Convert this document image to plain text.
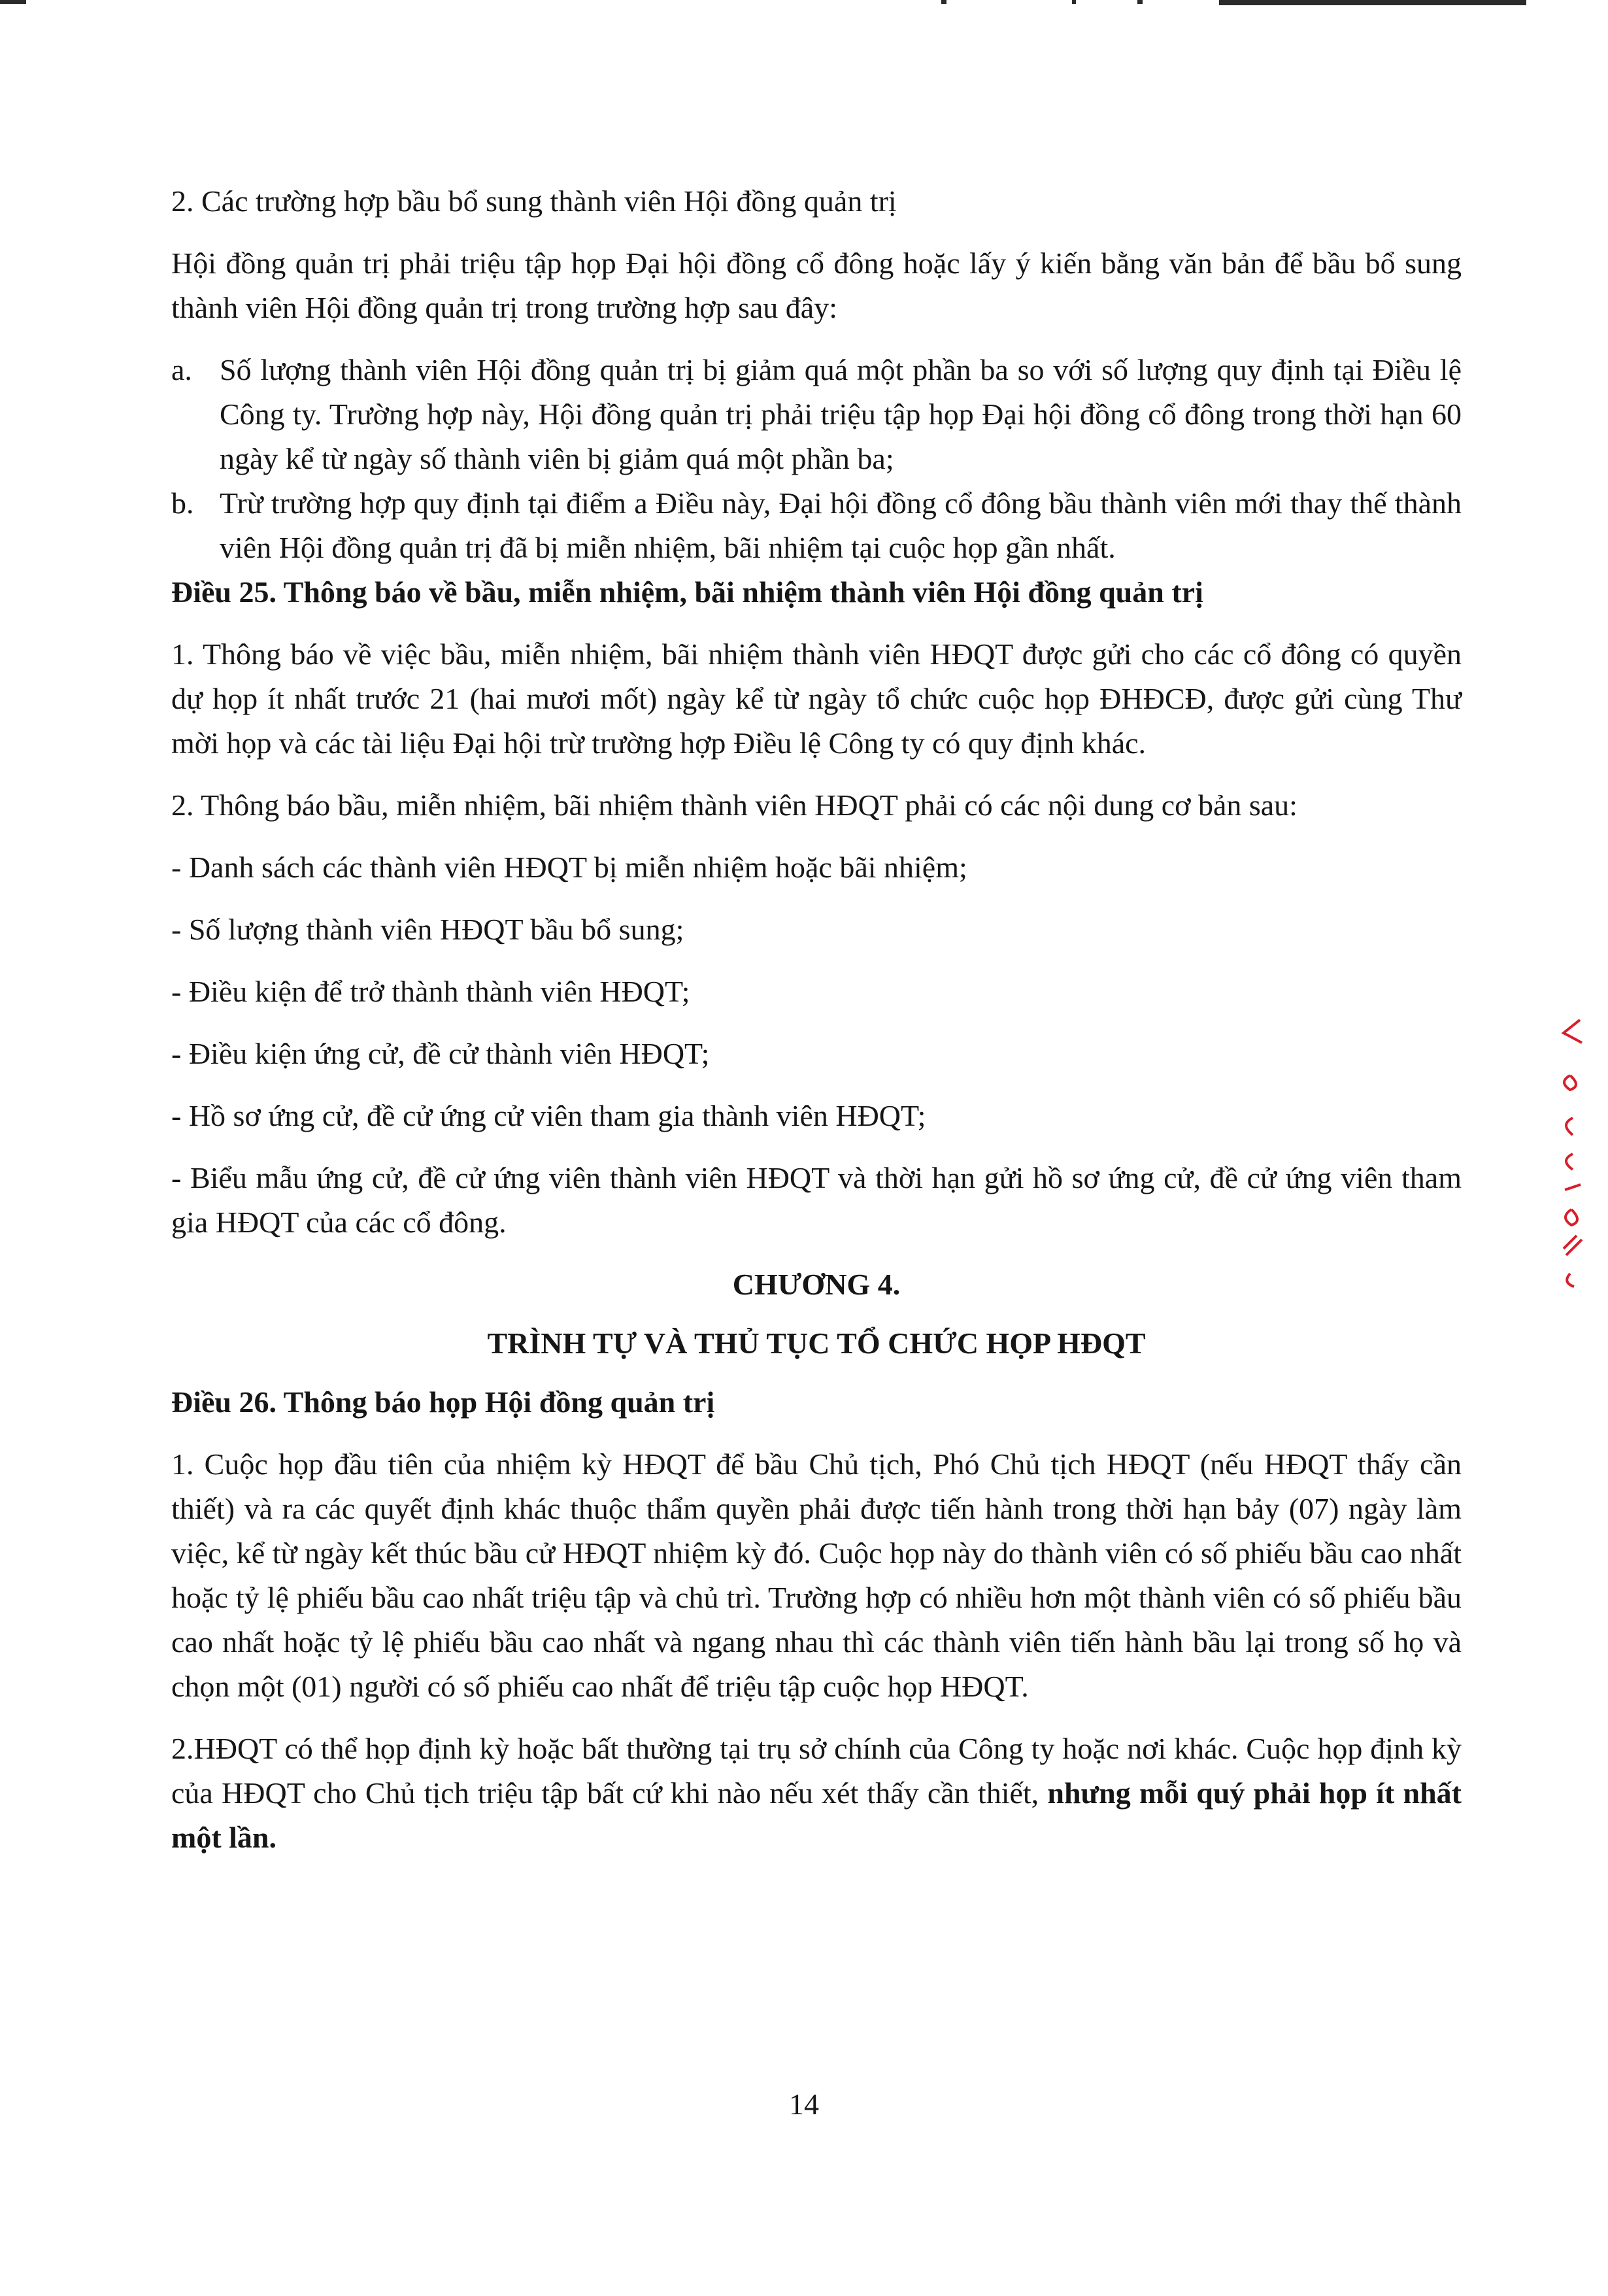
2. Các trường hợp bầu bổ sung thành viên Hội đồng quản trị

Hội đồng quản trị phải triệu tập họp Đại hội đồng cổ đông hoặc lấy ý kiến bằng văn bản để bầu bổ sung thành viên Hội đồng quản trị trong trường hợp sau đây:

a. Số lượng thành viên Hội đồng quản trị bị giảm quá một phần ba so với số lượng quy định tại Điều lệ Công ty. Trường hợp này, Hội đồng quản trị phải triệu tập họp Đại hội đồng cổ đông trong thời hạn 60 ngày kể từ ngày số thành viên bị giảm quá một phần ba;
b. Trừ trường hợp quy định tại điểm a Điều này, Đại hội đồng cổ đông bầu thành viên mới thay thế thành viên Hội đồng quản trị đã bị miễn nhiệm, bãi nhiệm tại cuộc họp gần nhất.

Điều 25. Thông báo về bầu, miễn nhiệm, bãi nhiệm thành viên Hội đồng quản trị

1. Thông báo về việc bầu, miễn nhiệm, bãi nhiệm thành viên HĐQT được gửi cho các cổ đông có quyền dự họp ít nhất trước 21 (hai mươi mốt) ngày kể từ ngày tổ chức cuộc họp ĐHĐCĐ, được gửi cùng Thư mời họp và các tài liệu Đại hội trừ trường hợp Điều lệ Công ty có quy định khác.

2. Thông báo bầu, miễn nhiệm, bãi nhiệm thành viên HĐQT phải có các nội dung cơ bản sau:

- Danh sách các thành viên HĐQT bị miễn nhiệm hoặc bãi nhiệm;

- Số lượng thành viên HĐQT bầu bổ sung;

- Điều kiện để trở thành thành viên HĐQT;

- Điều kiện ứng cử, đề cử thành viên HĐQT;

- Hồ sơ ứng cử, đề cử ứng cử viên tham gia thành viên HĐQT;

- Biểu mẫu ứng cử, đề cử ứng viên thành viên HĐQT và thời hạn gửi hồ sơ ứng cử, đề cử ứng viên tham gia HĐQT của các cổ đông.

CHƯƠNG 4.

TRÌNH TỰ VÀ THỦ TỤC TỔ CHỨC HỌP HĐQT

Điều 26. Thông báo họp Hội đồng quản trị

1. Cuộc họp đầu tiên của nhiệm kỳ HĐQT để bầu Chủ tịch, Phó Chủ tịch HĐQT (nếu HĐQT thấy cần thiết) và ra các quyết định khác thuộc thẩm quyền phải được tiến hành trong thời hạn bảy (07) ngày làm việc, kể từ ngày kết thúc bầu cử HĐQT nhiệm kỳ đó. Cuộc họp này do thành viên có số phiếu bầu cao nhất hoặc tỷ lệ phiếu bầu cao nhất triệu tập và chủ trì. Trường hợp có nhiều hơn một thành viên có số phiếu bầu cao nhất hoặc tỷ lệ phiếu bầu cao nhất và ngang nhau thì các thành viên tiến hành bầu lại trong số họ và chọn một (01) người có số phiếu cao nhất để triệu tập cuộc họp HĐQT.

2.HĐQT có thể họp định kỳ hoặc bất thường tại trụ sở chính của Công ty hoặc nơi khác. Cuộc họp định kỳ của HĐQT cho Chủ tịch triệu tập bất cứ khi nào nếu xét thấy cần thiết, nhưng mỗi quý phải họp ít nhất một lần.

14
